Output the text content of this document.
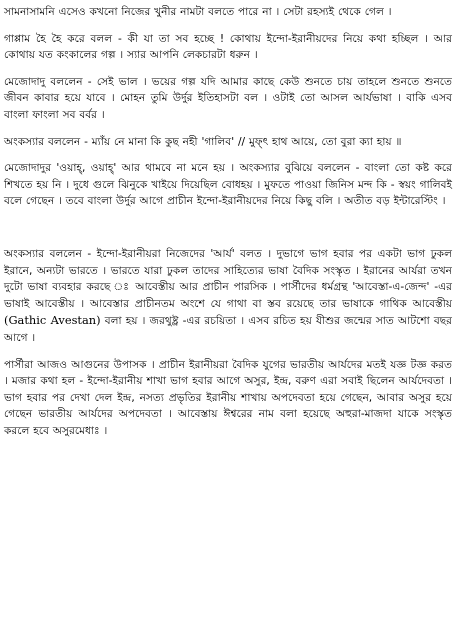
সামনাসামনি এসেও কখনো নিজের খুনীর নামটা বলতে পারে না । সেটা রহস্যই থেকে গেল ।

গাপ্পাম হৈ হৈ করে বলল - কী যা তা সব হচ্ছে ! কোথায় ইন্দো-ইরানীয়দের নিয়ে কথা হচ্ছিল । আর কোথায় যত কংকালের গল্প । স্যার আপনি লেকচারটা ধরুন ।

মেজোদাদু বললেন - সেই ভাল । ভয়ের গল্প যদি আমার কাছে কেউ শুনতে চায় তাহলে শুনতে শুনতে জীবন কাবার হয়ে যাবে । মোহন তুমি উর্দুর ইতিহাসটা বল । ওটাই তো আসল আর্যভাষা । বাকি এসব বাংলা ফাংলা সব বর্বর ।

অংকস্যার বললেন - ম্যাঁয় নে মানা কি কুছ নহী 'গালিব' // মুফ্‌ৎ হাথ আয়ে, তো বুরা ক্যা হায় ॥

মেজোদাদুর 'ওয়াহ্‌, ওয়াহ্‌' আর থামবে না মনে হয় । অংকস্যার বুঝিয়ে বললেন - বাংলা তো কষ্ট করে শিখতে হয় নি । দুধে গুলে ঝিনুকে খাইয়ে দিয়েছিল বোধহয় । মুফতে পাওয়া জিনিস মন্দ কি - স্বয়ং গালিবই বলে গেছেন । তবে বাংলা উর্দুর আগে প্রাচীন ইন্দো-ইরানীয়দের নিয়ে কিছু বলি । অতীত বড় ইন্টারেস্টিং ।

অংকস্যার বললেন - ইন্দো-ইরানীয়রা নিজেদের 'আর্য' বলত । দুভাগে ভাগ হবার পর একটা ভাগ ঢুকল ইরানে, অন্যটা ভারতে । ভারতে যারা ঢুকল তাদের সাহিত্যের ভাষা বৈদিক সংস্কৃত । ইরানের আর্যরা তখন দুটো ভাষা ব্যবহার করছে ঃ আবেস্তীয় আর প্রাচীন পারসিক । পার্সীদের ধর্মগ্রন্থ 'আবেস্তা-এ-জেন্দ' -এর ভাষাই আবেস্তীয় । আবেস্তার প্রাচীনতম অংশে যে গাথা বা স্তব রয়েছে তার ভাষাকে গাথিক আবেস্তীয় (Gathic Avestan) বলা হয় । জরথুষ্ট্র -এর রচয়িতা । এসব রচিত হয় যীশুর জন্মের সাত আটশো বছর আগে ।

পার্সীরা আজও আগুনের উপাসক । প্রাচীন ইরানীয়রা বৈদিক যুগের ভারতীয় আর্যদের মতই যজ্ঞ টজ্ঞ করত । মজার কথা হল - ইন্দো-ইরানীয় শাখা ভাগ হবার আগে অসুর, ইন্দ্র, বরুণ এরা সবাই ছিলেন আর্যদেবতা । ভাগ হবার পর দেখা দেল ইন্দ্র, নসত্য প্রভৃতির ইরানীয় শাখায় অপদেবতা হয়ে গেছেন, আবার অসুর হয়ে গেছেন ভারতীয় আর্যদের অপদেবতা । আবেস্তায় ঈশ্বরের নাম বলা হয়েছে অহুরা-মাজদা যাকে সংস্কৃত করলে হবে অসুরমেধাঃ ।
